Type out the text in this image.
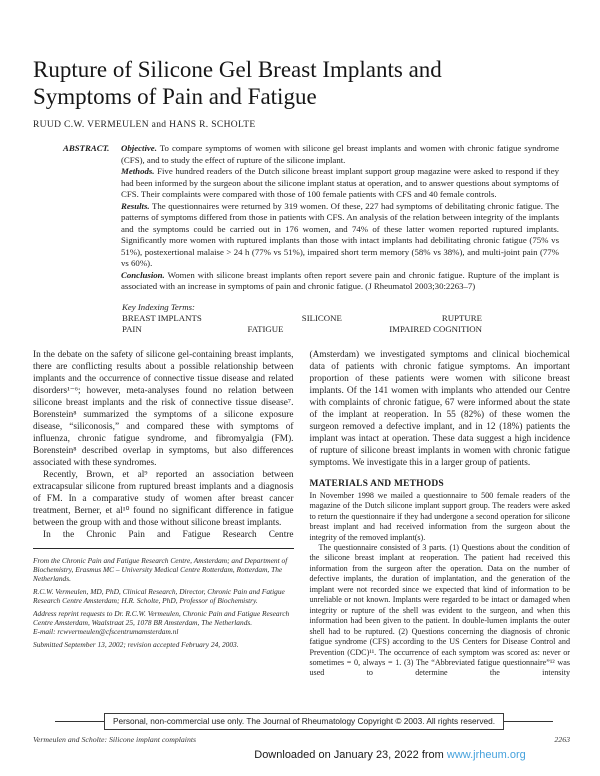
Rupture of Silicone Gel Breast Implants and
Symptoms of Pain and Fatigue
RUUD C.W. VERMEULEN and HANS R. SCHOLTE
ABSTRACT.	Objective. To compare symptoms of women with silicone gel breast implants and women with chronic fatigue syndrome (CFS), and to study the effect of rupture of the silicone implant.

Methods. Five hundred readers of the Dutch silicone breast implant support group magazine were asked to respond if they had been informed by the surgeon about the silicone implant status at operation, and to answer questions about symptoms of CFS. Their complaints were compared with those of 100 female patients with CFS and 40 female controls.

Results. The questionnaires were returned by 319 women. Of these, 227 had symptoms of debilitating chronic fatigue. The patterns of symptoms differed from those in patients with CFS. An analysis of the relation between integrity of the implants and the symptoms could be carried out in 176 women, and 74% of these latter women reported ruptured implants. Significantly more women with ruptured implants than those with intact implants had debilitating chronic fatigue (75% vs 51%), postexertional malaise > 24 h (77% vs 51%), impaired short term memory (58% vs 38%), and multi-joint pain (77% vs 60%).

Conclusion. Women with silicone breast implants often report severe pain and chronic fatigue. Rupture of the implant is associated with an increase in symptoms of pain and chronic fatigue. (J Rheumatol 2003;30:2263–7)

Key Indexing Terms:
BREAST IMPLANTS	SILICONE	RUPTURE
PAIN	FATIGUE	IMPAIRED COGNITION

In the debate on the safety of silicone gel-containing breast implants, there are conflicting results about a possible relationship between implants and the occurrence of connective tissue disease and related disorders¹⁻⁶; however, meta-analyses found no relation between silicone breast implants and the risk of connective tissue disease⁷. Borenstein⁸ summarized the symptoms of a silicone exposure disease, “siliconosis,” and compared these with symptoms of influenza, chronic fatigue syndrome, and fibromyalgia (FM). Borenstein⁸ described overlap in symptoms, but also differences associated with these syndromes.

Recently, Brown, et al⁹ reported an association between extracapsular silicone from ruptured breast implants and a diagnosis of FM. In a comparative study of women after breast cancer treatment, Berner, et al¹⁰ found no significant difference in fatigue between the group with and those without silicone breast implants.

In the Chronic Pain and Fatigue Research Centre

From the Chronic Pain and Fatigue Research Centre, Amsterdam; and Department of Biochemistry, Erasmus MC – University Medical Centre Rotterdam, Rotterdam, The Netherlands.

R.C.W. Vermeulen, MD, PhD, Clinical Research, Director, Chronic Pain and Fatigue Research Centre Amsterdam; H.R. Scholte, PhD, Professor of Biochemistry.

Address reprint requests to Dr. R.C.W. Vermeulen, Chronic Pain and Fatigue Research Centre Amsterdam, Waalstraat 25, 1078 BR Amsterdam, The Netherlands.

E-mail: rcwvermeulen@cfscentrumamsterdam.nl

Submitted September 13, 2002; revision accepted February 24, 2003.

(Amsterdam) we investigated symptoms and clinical biochemical data of patients with chronic fatigue symptoms. An important proportion of these patients were women with silicone breast implants. Of the 141 women with implants who attended our Centre with complaints of chronic fatigue, 67 were informed about the state of the implant at reoperation. In 55 (82%) of these women the surgeon removed a defective implant, and in 12 (18%) patients the implant was intact at operation. These data suggest a high incidence of rupture of silicone breast implants in women with chronic fatigue symptoms. We investigate this in a larger group of patients.

MATERIALS AND METHODS

In November 1998 we mailed a questionnaire to 500 female readers of the magazine of the Dutch silicone implant support group. The readers were asked to return the questionnaire if they had undergone a second operation for silicone breast implant and had received information from the surgeon about the integrity of the removed implant(s).

The questionnaire consisted of 3 parts. (1) Questions about the condition of the silicone breast implant at reoperation. The patient had received this information from the surgeon after the operation. Data on the number of defective implants, the duration of implantation, and the generation of the implant were not recorded since we expected that kind of information to be unreliable or not known. Implants were regarded to be intact or damaged when integrity or rupture of the shell was evident to the surgeon, and when this information had been given to the patient. In double-lumen implants the outer shell had to be ruptured. (2) Questions concerning the diagnosis of chronic fatigue syndrome (CFS) according to the US Centers for Disease Control and Prevention (CDC)¹¹. The occurrence of each symptom was scored as: never or sometimes = 0, always = 1. (3) The “Abbreviated fatigue questionnaire”¹² was used to determine the intensity

Personal, non-commercial use only. The Journal of Rheumatology Copyright © 2003. All rights reserved.
Vermeulen and Scholte: Silicone implant complaints	2263
Downloaded on January 23, 2022 from www.jrheum.org
